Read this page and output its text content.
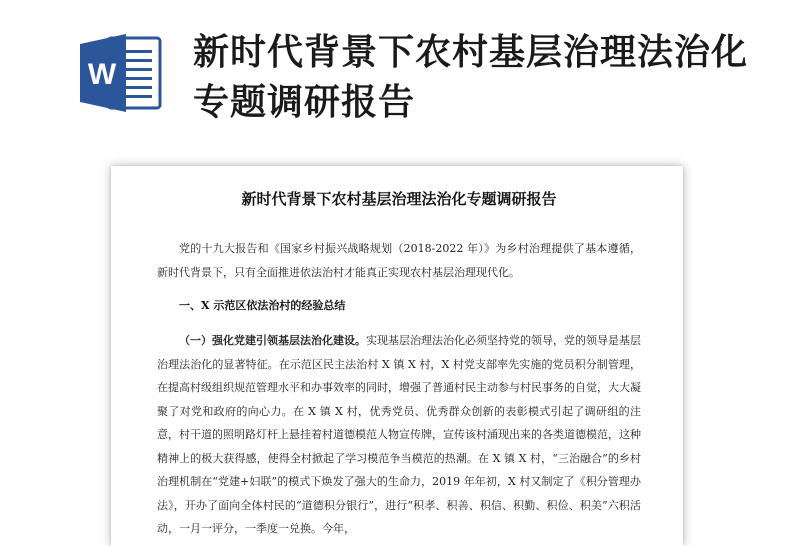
W
新时代背景下农村基层治理法治化专题调研报告
新时代背景下农村基层治理法治化专题调研报告

党的十九大报告和《国家乡村振兴战略规划（2018-2022 年）》为乡村治理提供了基本遵循，新时代背景下，只有全面推进依法治村才能真正实现农村基层治理现代化。

一、X 示范区依法治村的经验总结

（一）强化党建引领基层法治化建设。实现基层治理法治化必须坚持党的领导，党的领导是基层治理法治化的显著特征。在示范区民主法治村 X 镇 X 村，X 村党支部率先实施的党员积分制管理，在提高村级组织规范管理水平和办事效率的同时，增强了普通村民主动参与村民事务的自觉，大大凝聚了对党和政府的向心力。在 X 镇 X 村，优秀党员、优秀群众创新的表彰模式引起了调研组的注意，村干道的照明路灯杆上悬挂着村道德模范人物宣传牌，宣传该村涌现出来的各类道德模范，这种精神上的极大获得感，使得全村掀起了学习模范争当模范的热潮。在 X 镇 X 村，“三治融合”的乡村治理机制在“党建+妇联”的模式下焕发了强大的生命力，2019 年年初，X 村又制定了《积分管理办法》，开办了面向全体村民的“道德积分银行”，进行“积孝、积善、积信、积勤、积俭、积美”六积活动，一月一评分，一季度一兑换。今年，
